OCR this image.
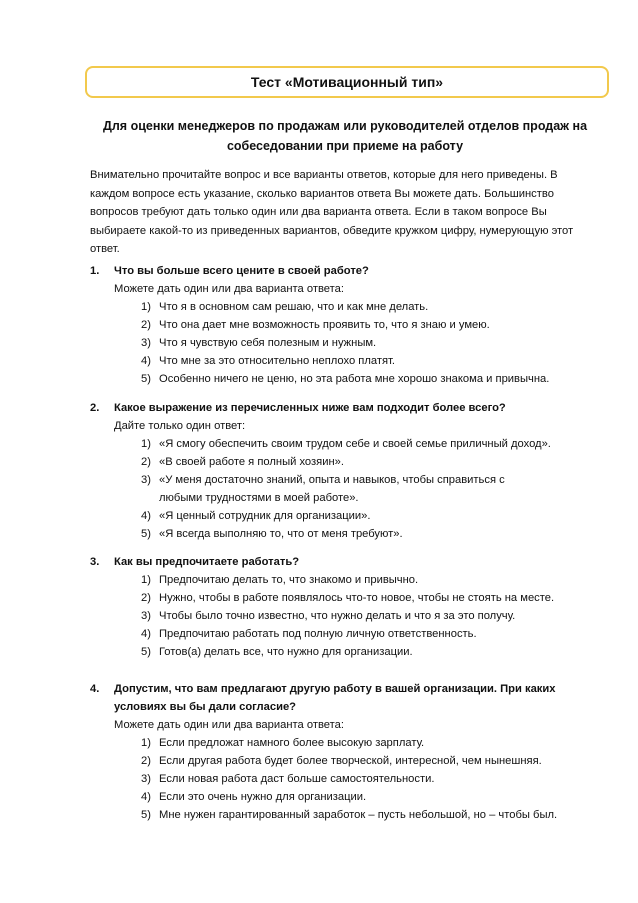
Тест «Мотивационный тип»
Для оценки менеджеров по продажам или руководителей отделов продаж на
собеседовании при приеме на работу
Внимательно прочитайте вопрос и все варианты ответов, которые для него приведены. В каждом вопросе есть указание, сколько вариантов ответа Вы можете дать. Большинство вопросов требуют дать только один или два варианта ответа. Если в таком вопросе Вы выбираете какой-то из приведенных вариантов, обведите кружком цифру, нумерующую этот ответ.
1.	Что вы больше всего цените в своей работе?
Можете дать один или два варианта ответа:
1) Что я в основном сам решаю, что и как мне делать.
2) Что она дает мне возможность проявить то, что я знаю и умею.
3) Что я чувствую себя полезным и нужным.
4) Что мне за это относительно неплохо платят.
5) Особенно ничего не ценю, но эта работа мне хорошо знакома и привычна.
2.	Какое выражение из перечисленных ниже вам подходит более всего?
Дайте только один ответ:
1) «Я смогу обеспечить своим трудом себе и своей семье приличный доход».
2) «В своей работе я полный хозяин».
3) «У меня достаточно знаний, опыта и навыков, чтобы справиться с любыми трудностями в моей работе».
4) «Я ценный сотрудник для организации».
5) «Я всегда выполняю то, что от меня требуют».
3.	Как вы предпочитаете работать?
1) Предпочитаю делать то, что знакомо и привычно.
2) Нужно, чтобы в работе появлялось что-то новое, чтобы не стоять на месте.
3) Чтобы было точно известно, что нужно делать и что я за это получу.
4) Предпочитаю работать под полную личную ответственность.
5) Готов(а) делать все, что нужно для организации.
4.	Допустим, что вам предлагают другую работу в вашей организации. При каких условиях вы бы дали согласие?
Можете дать один или два варианта ответа:
1) Если предложат намного более высокую зарплату.
2) Если другая работа будет более творческой, интересной, чем нынешняя.
3) Если новая работа даст больше самостоятельности.
4) Если это очень нужно для организации.
5) Мне нужен гарантированный заработок – пусть небольшой, но – чтобы был.
